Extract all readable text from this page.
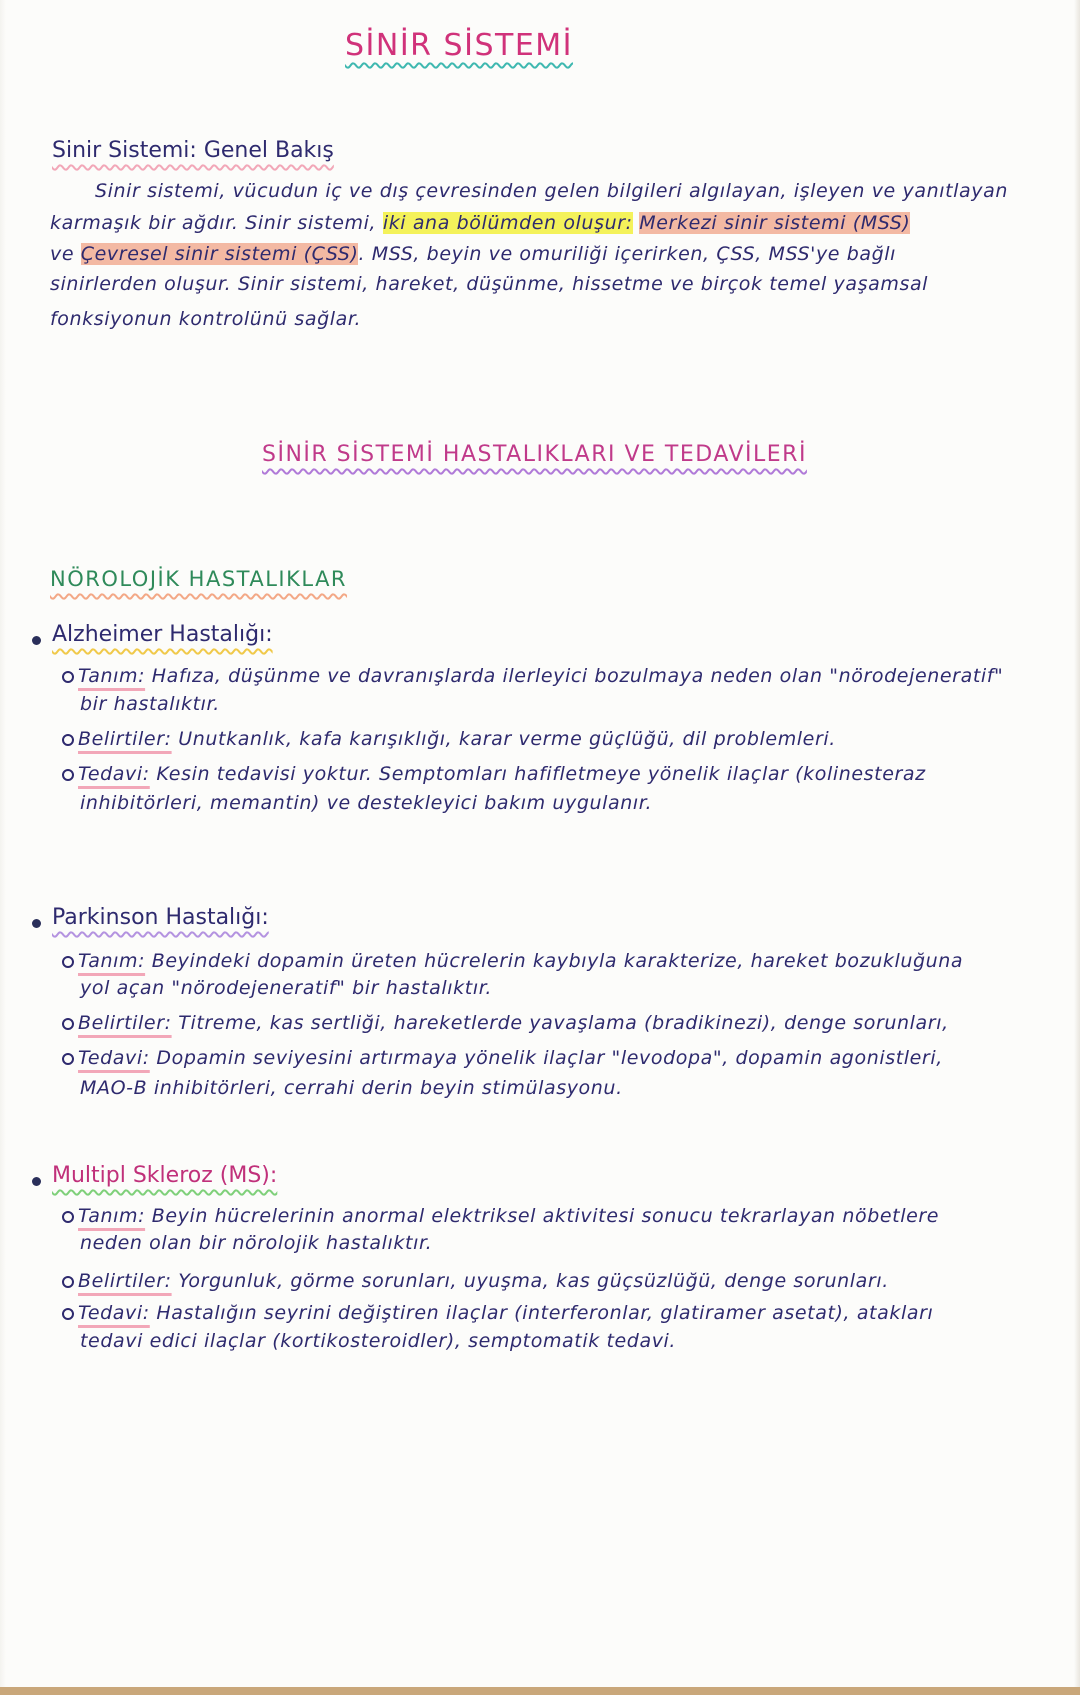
SİNİR SİSTEMİ
Sinir Sistemi: Genel Bakış
Sinir sistemi, vücudun iç ve dış çevresinden gelen bilgileri algılayan, işleyen ve yanıtlayan
karmaşık bir ağdır. Sinir sistemi, iki ana bölümden oluşur: Merkezi sinir sistemi (MSS)
ve Çevresel sinir sistemi (ÇSS). MSS, beyin ve omuriliği içerirken, ÇSS, MSS'ye bağlı
sinirlerden oluşur. Sinir sistemi, hareket, düşünme, hissetme ve birçok temel yaşamsal
fonksiyonun kontrolünü sağlar.
SİNİR SİSTEMİ HASTALIKLARI VE TEDAVİLERİ
NÖROLOJİK HASTALIKLAR
Alzheimer Hastalığı:
Tanım: Hafıza, düşünme ve davranışlarda ilerleyici bozulmaya neden olan "nörodejeneratif"
bir hastalıktır.
Belirtiler: Unutkanlık, kafa karışıklığı, karar verme güçlüğü, dil problemleri.
Tedavi: Kesin tedavisi yoktur. Semptomları hafifletmeye yönelik ilaçlar (kolinesteraz
inhibitörleri, memantin) ve destekleyici bakım uygulanır.
Parkinson Hastalığı:
Tanım: Beyindeki dopamin üreten hücrelerin kaybıyla karakterize, hareket bozukluğuna
yol açan "nörodejeneratif" bir hastalıktır.
Belirtiler: Titreme, kas sertliği, hareketlerde yavaşlama (bradikinezi), denge sorunları,
Tedavi: Dopamin seviyesini artırmaya yönelik ilaçlar "levodopa", dopamin agonistleri,
MAO-B inhibitörleri, cerrahi derin beyin stimülasyonu.
Multipl Skleroz (MS):
Tanım: Beyin hücrelerinin anormal elektriksel aktivitesi sonucu tekrarlayan nöbetlere
neden olan bir nörolojik hastalıktır.
Belirtiler: Yorgunluk, görme sorunları, uyuşma, kas güçsüzlüğü, denge sorunları.
Tedavi: Hastalığın seyrini değiştiren ilaçlar (interferonlar, glatiramer asetat), atakları
tedavi edici ilaçlar (kortikosteroidler), semptomatik tedavi.
